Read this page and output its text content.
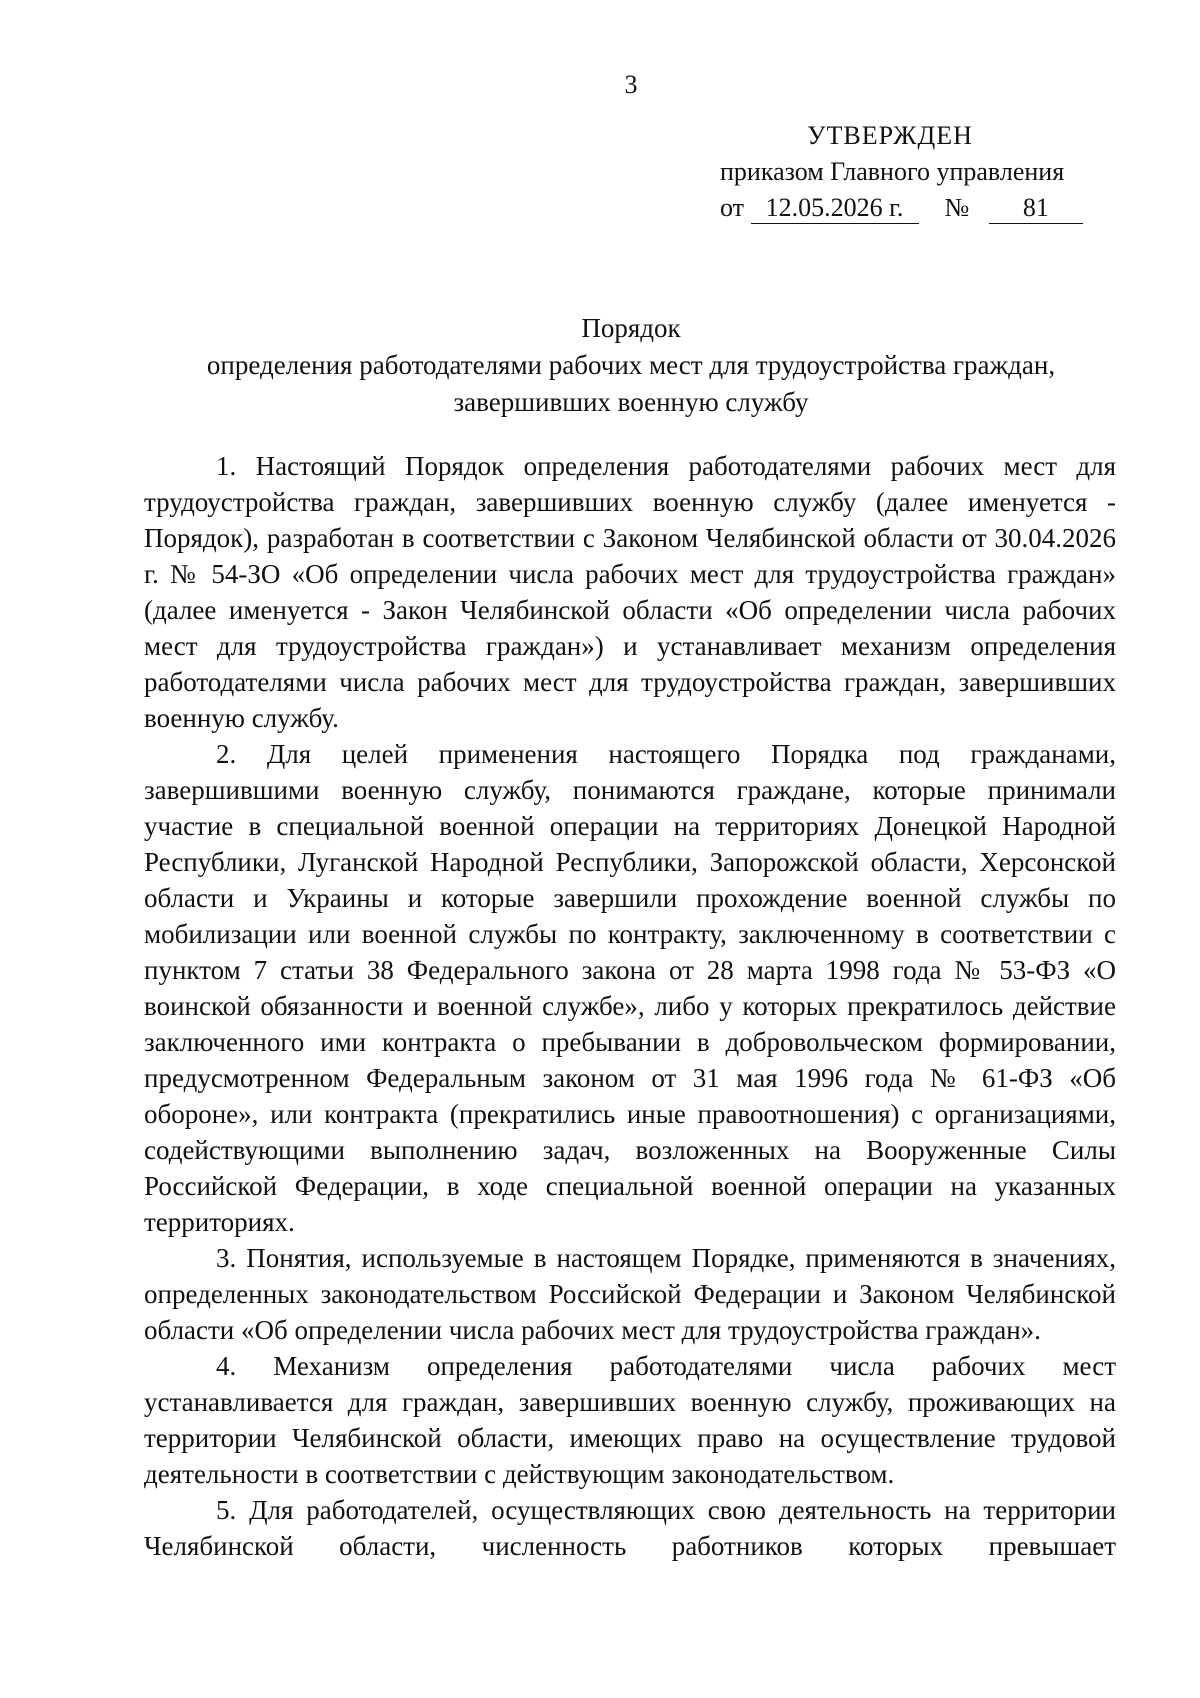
3
УТВЕРЖДЕН
приказом Главного управления
от 12.05.2026 г. № 81
Порядок
определения работодателями рабочих мест для трудоустройства граждан,
завершивших военную службу

1. Настоящий Порядок определения работодателями рабочих мест для трудоустройства граждан, завершивших военную службу (далее именуется - Порядок), разработан в соответствии с Законом Челябинской области от 30.04.2026 г. № 54-ЗО «Об определении числа рабочих мест для трудоустройства граждан» (далее именуется - Закон Челябинской области «Об определении числа рабочих мест для трудоустройства граждан») и устанавливает механизм определения работодателями числа рабочих мест для трудоустройства граждан, завершивших военную службу.

2. Для целей применения настоящего Порядка под гражданами, завершившими военную службу, понимаются граждане, которые принимали участие в специальной военной операции на территориях Донецкой Народной Республики, Луганской Народной Республики, Запорожской области, Херсонской области и Украины и которые завершили прохождение военной службы по мобилизации или военной службы по контракту, заключенному в соответствии с пунктом 7 статьи 38 Федерального закона от 28 марта 1998 года № 53-ФЗ «О воинской обязанности и военной службе», либо у которых прекратилось действие заключенного ими контракта о пребывании в добровольческом формировании, предусмотренном Федеральным законом от 31 мая 1996 года № 61-ФЗ «Об обороне», или контракта (прекратились иные правоотношения) с организациями, содействующими выполнению задач, возложенных на Вооруженные Силы Российской Федерации, в ходе специальной военной операции на указанных территориях.

3. Понятия, используемые в настоящем Порядке, применяются в значениях, определенных законодательством Российской Федерации и Законом Челябинской области «Об определении числа рабочих мест для трудоустройства граждан».

4. Механизм определения работодателями числа рабочих мест устанавливается для граждан, завершивших военную службу, проживающих на территории Челябинской области, имеющих право на осуществление трудовой деятельности в соответствии с действующим законодательством.

5. Для работодателей, осуществляющих свою деятельность на территории Челябинской области, численность работников которых превышает
